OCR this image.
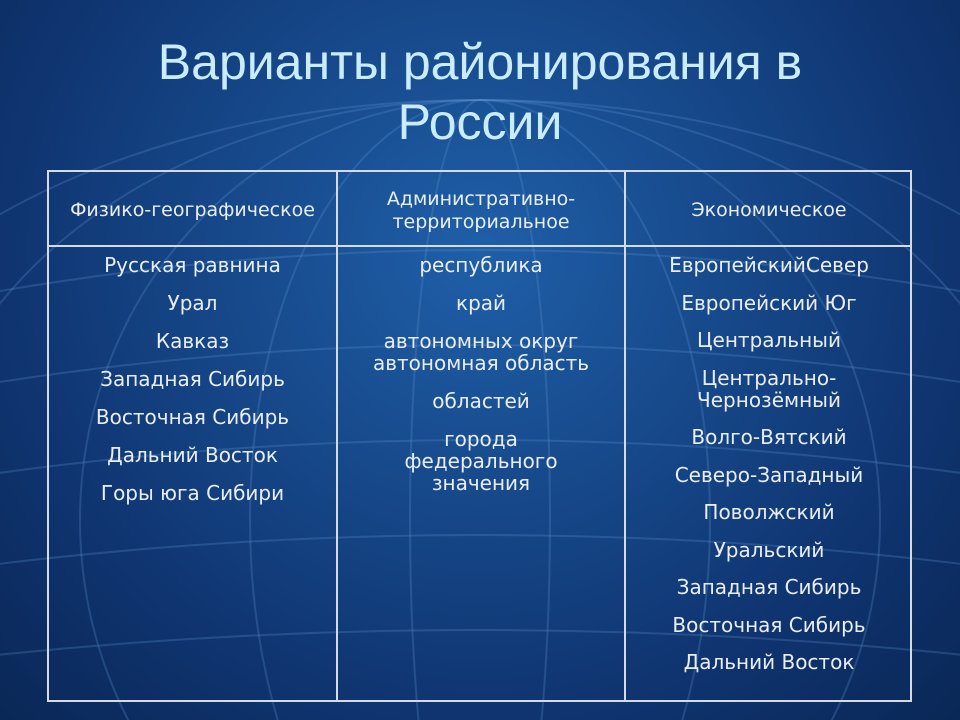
Варианты районирования в России
Физико-географическое
Административно-территориальное
Экономическое
Русская равнина
Урал
Кавказ
Западная Сибирь
Восточная Сибирь
Дальний Восток
Горы юга Сибири
республика
край
автономных округ автономная область
областей
города федерального значения
ЕвропейскийСевер
Европейский Юг
Центральный
Центрально-Чернозёмный
Волго-Вятский
Северо-Западный
Поволжский
Уральский
Западная Сибирь
Восточная Сибирь
Дальний Восток
